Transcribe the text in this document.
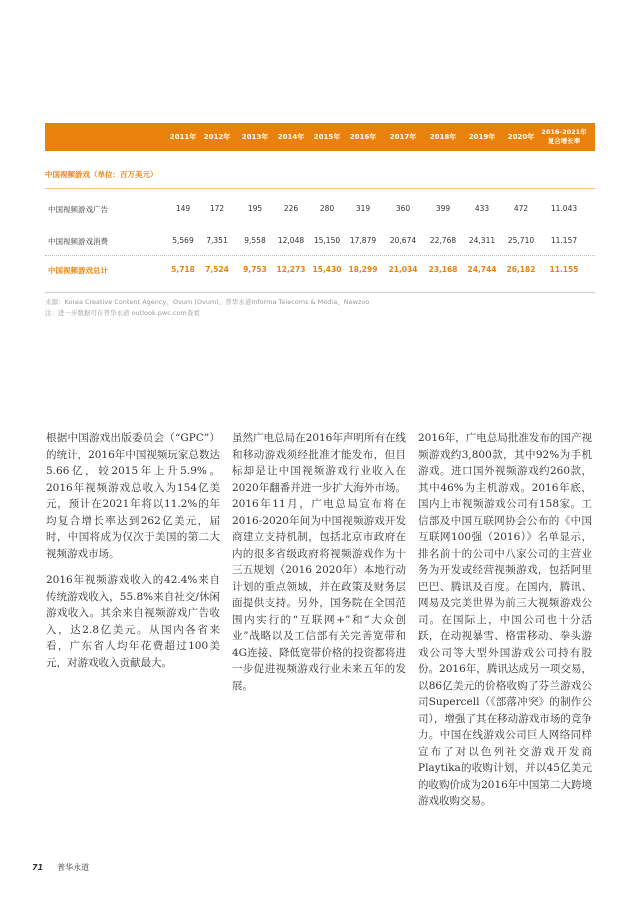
2011年	2012年	2013年	2014年	2015年	2016年	2017年	2018年	2019年	2020年
2016-2021年
复合增长率
中国视频游戏（单位：百万美元）
中国视频游戏广告	149	172	195	226	280	319	360	399	433	472	11.043
中国视频游戏消费	5,569	7,351	9,558	12,048	15,150	17,879	20,674	22,768	24,311	25,710	11.157
中国视频游戏总计	5,718	7,524	9,753	12,273 15,430 18,299	21,034	23,168	24,744	26,182	11.155
来源：Korea Creative Content Agency、Ovum (Ovum)、普华永道Informa Telecoms & Media、Newzoo
注：进一步数据可在普华永道 outlook.pwc.com查看

根据中国游戏出版委员会（“GPC”）的统计，2016年中国视频玩家总数达5.66亿，较2015年上升5.9%。2016年视频游戏总收入为154亿美元，预计在2021年将以11.2%的年均复合增长率达到262亿美元，届时，中国将成为仅次于美国的第二大视频游戏市场。

2016年视频游戏收入的42.4%来自传统游戏收入，55.8%来自社交/休闲游戏收入。其余来自视频游戏广告收入，达2.8亿美元。从国内各省来看，广东省人均年花费超过100美元，对游戏收入贡献最大。

虽然广电总局在2016年声明所有在线和移动游戏须经批准才能发布，但目标却是让中国视频游戏行业收入在2020年翻番并进一步扩大海外市场。2016年11月，广电总局宣布将在2016-2020年间为中国视频游戏开发商建立支持机制，包括北京市政府在内的很多省级政府将视频游戏作为十三五规划（2016 2020年）本地行动计划的重点领域，并在政策及财务层面提供支持。另外，国务院在全国范围内实行的“互联网+”和“大众创业”战略以及工信部有关完善宽带和4G连接、降低宽带价格的投资都将进一步促进视频游戏行业未来五年的发展。

2016年，广电总局批准发布的国产视频游戏约3,800款，其中92%为手机游戏。进口国外视频游戏约260款，其中46%为主机游戏。2016年底，国内上市视频游戏公司有158家。工信部及中国互联网协会公布的《中国互联网100强（2016）》名单显示，排名前十的公司中八家公司的主营业务为开发或经营视频游戏，包括阿里巴巴、腾讯及百度。在国内，腾讯、网易及完美世界为前三大视频游戏公司。在国际上，中国公司也十分活跃，在动视暴雪、格雷移动、拳头游戏公司等大型外国游戏公司持有股份。2016年，腾讯达成另一项交易，以86亿美元的价格收购了芬兰游戏公司Supercell（《部落冲突》的制作公司），增强了其在移动游戏市场的竞争力。中国在线游戏公司巨人网络同样宣布了对以色列社交游戏开发商Playtika的收购计划，并以45亿美元的收购价成为2016年中国第二大跨境游戏收购交易。

71 普华永道
